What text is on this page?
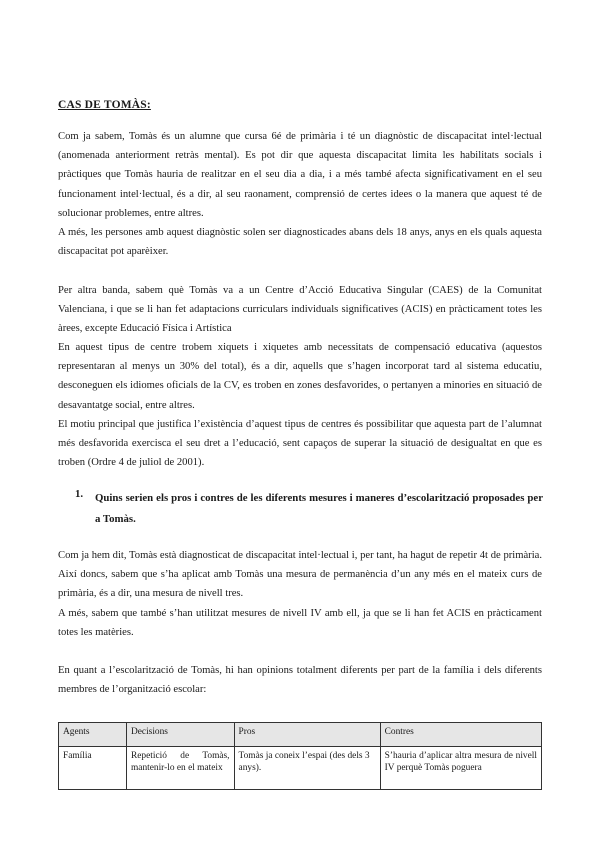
CAS DE TOMÀS:

Com ja sabem, Tomàs és un alumne que cursa 6é de primària i té un diagnòstic de discapacitat intel·lectual (anomenada anteriorment retràs mental). Es pot dir que aquesta discapacitat limita les habilitats socials i pràctiques que Tomàs hauria de realitzar en el seu dia a dia, i a més també afecta significativament en el seu funcionament intel·lectual, és a dir, al seu raonament, comprensió de certes idees o la manera que aquest té de solucionar problemes, entre altres.

A més, les persones amb aquest diagnòstic solen ser diagnosticades abans dels 18 anys, anys en els quals aquesta discapacitat pot aparèixer.

Per altra banda, sabem què Tomàs va a un Centre d’Acció Educativa Singular (CAES) de la Comunitat Valenciana, i que se li han fet adaptacions curriculars individuals significatives (ACIS) en pràcticament totes les àrees, excepte Educació Física i Artística

En aquest tipus de centre trobem xiquets i xiquetes amb necessitats de compensació educativa (aquestos representaran al menys un 30% del total), és a dir, aquells que s’hagen incorporat tard al sistema educatiu, desconeguen els idiomes oficials de la CV, es troben en zones desfavorides, o pertanyen a minories en situació de desavantatge social, entre altres.

El motiu principal que justifica l’existència d’aquest tipus de centres és possibilitar que aquesta part de l’alumnat més desfavorida exercisca el seu dret a l’educació, sent capaços de superar la situació de desigualtat en que es troben (Ordre 4 de juliol de 2001).

1. Quins serien els pros i contres de les diferents mesures i maneres d’escolarització proposades per a Tomàs.

Com ja hem dit, Tomàs està diagnosticat de discapacitat intel·lectual i, per tant, ha hagut de repetir 4t de primària. Així doncs, sabem que s’ha aplicat amb Tomàs una mesura de permanència d’un any més en el mateix curs de primària, és a dir, una mesura de nivell tres.

A més, sabem que també s’han utilitzat mesures de nivell IV amb ell, ja que se li han fet ACIS en pràcticament totes les matèries.

En quant a l’escolarització de Tomàs, hi han opinions totalment diferents per part de la família i dels diferents membres de l’organització escolar:

Agents	Decisions	Pros	Contres
Família	Repetició de Tomàs, mantenir-lo en el mateix	Tomàs ja coneix l’espai (des dels 3 anys).	S’hauria d’aplicar altra mesura de nivell IV perquè Tomàs poguera
